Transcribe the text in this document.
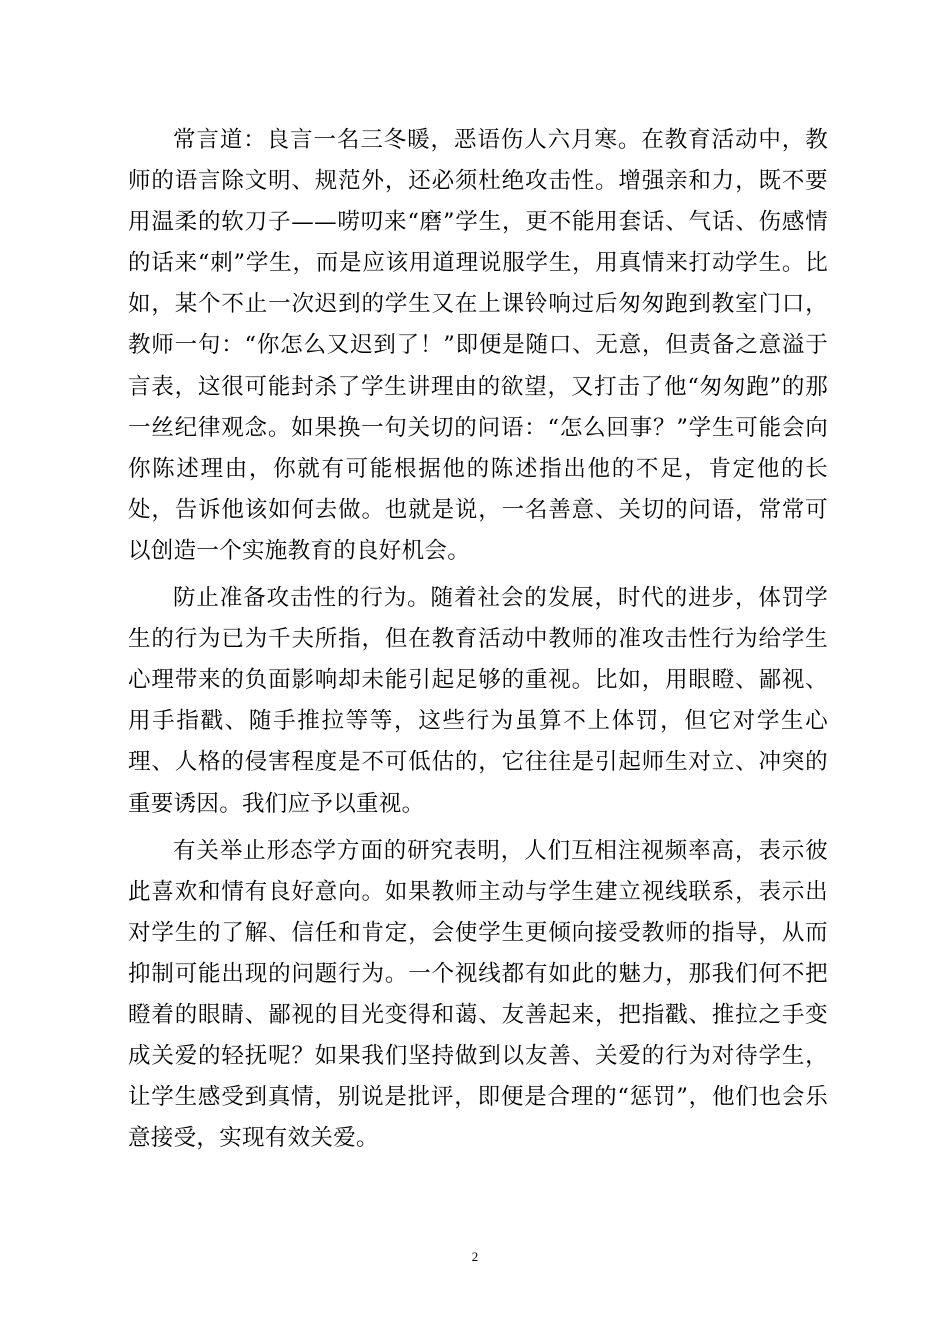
常言道：良言一名三冬暖，恶语伤人六月寒。在教育活动中，教师的语言除文明、规范外，还必须杜绝攻击性。增强亲和力，既不要用温柔的软刀子——唠叨来“磨”学生，更不能用套话、气话、伤感情的话来“刺”学生，而是应该用道理说服学生，用真情来打动学生。比如，某个不止一次迟到的学生又在上课铃响过后匆匆跑到教室门口，教师一句：“你怎么又迟到了！”即便是随口、无意，但责备之意溢于言表，这很可能封杀了学生讲理由的欲望，又打击了他“匆匆跑”的那一丝纪律观念。如果换一句关切的问语：“怎么回事？”学生可能会向你陈述理由，你就有可能根据他的陈述指出他的不足，肯定他的长处，告诉他该如何去做。也就是说，一名善意、关切的问语，常常可以创造一个实施教育的良好机会。

防止准备攻击性的行为。随着社会的发展，时代的进步，体罚学生的行为已为千夫所指，但在教育活动中教师的准攻击性行为给学生心理带来的负面影响却未能引起足够的重视。比如，用眼瞪、鄙视、用手指戳、随手推拉等等，这些行为虽算不上体罚，但它对学生心理、人格的侵害程度是不可低估的，它往往是引起师生对立、冲突的重要诱因。我们应予以重视。

有关举止形态学方面的研究表明，人们互相注视频率高，表示彼此喜欢和情有良好意向。如果教师主动与学生建立视线联系，表示出对学生的了解、信任和肯定，会使学生更倾向接受教师的指导，从而抑制可能出现的问题行为。一个视线都有如此的魅力，那我们何不把瞪着的眼睛、鄙视的目光变得和蔼、友善起来，把指戳、推拉之手变成关爱的轻抚呢？如果我们坚持做到以友善、关爱的行为对待学生，让学生感受到真情，别说是批评，即便是合理的“惩罚”，他们也会乐意接受，实现有效关爱。

2
